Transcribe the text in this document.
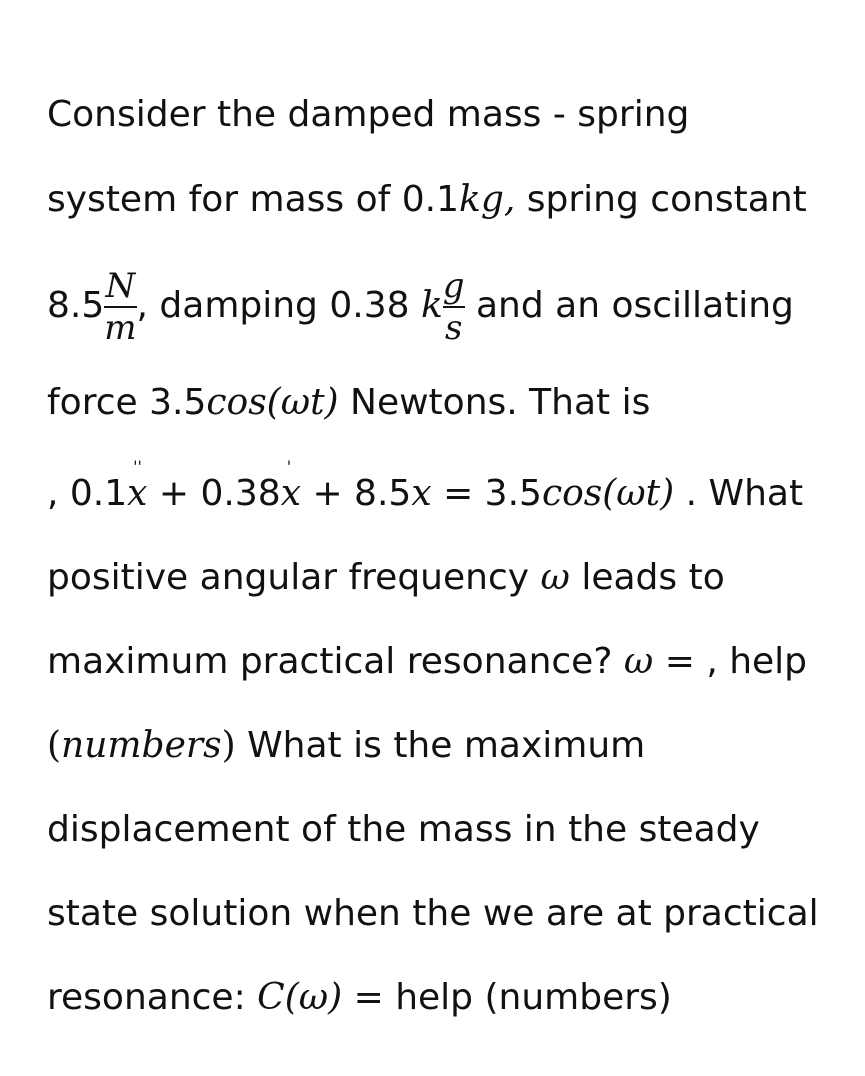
Consider the damped mass - spring
system for mass of 0.1kg, spring constant
$8.5 \frac{N}{m}$ , damping 0.38 k $\frac{g}{s}$ and an oscillating
force 3.5cos(ωt) Newtons. That is
, 0.1x
''
+ 0.38x
'
+ 8.5x = 3.5cos(ωt) . What
positive angular frequency ω leads to
maximum practical resonance? ω = , help
(numbers) What is the maximum
displacement of the mass in the steady
state solution when the we are at practical
resonance: C(ω) = help (numbers)
